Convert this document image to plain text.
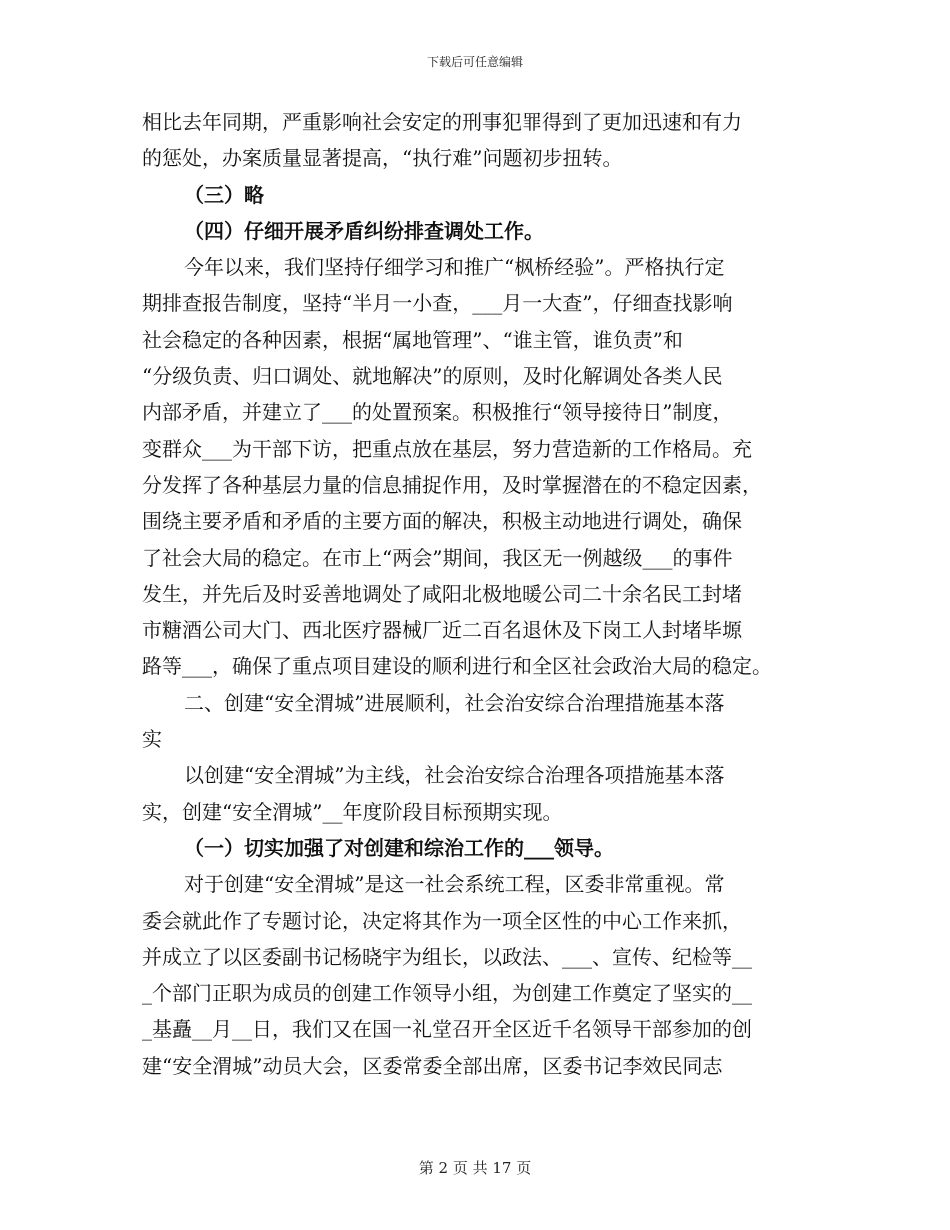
下载后可任意编辑
相比去年同期，严重影响社会安定的刑事犯罪得到了更加迅速和有力
的惩处，办案质量显著提高，“执行难”问题初步扭转。
（三）略
（四）仔细开展矛盾纠纷排查调处工作。
今年以来，我们坚持仔细学习和推广“枫桥经验”。严格执行定
期排查报告制度，坚持“半月一小查，___月一大查”，仔细查找影响
社会稳定的各种因素，根据“属地管理”、“谁主管，谁负责”和
“分级负责、归口调处、就地解决”的原则，及时化解调处各类人民
内部矛盾，并建立了___的处置预案。积极推行“领导接待日”制度，
变群众___为干部下访，把重点放在基层，努力营造新的工作格局。充
分发挥了各种基层力量的信息捕捉作用，及时掌握潜在的不稳定因素，
围绕主要矛盾和矛盾的主要方面的解决，积极主动地进行调处，确保
了社会大局的稳定。在市上“两会”期间，我区无一例越级___的事件
发生，并先后及时妥善地调处了咸阳北极地暖公司二十余名民工封堵
市糖酒公司大门、西北医疗器械厂近二百名退休及下岗工人封堵毕塬
路等___，确保了重点项目建设的顺利进行和全区社会政治大局的稳定。
二、创建“安全渭城”进展顺利，社会治安综合治理措施基本落
实
以创建“安全渭城”为主线，社会治安综合治理各项措施基本落
实，创建“安全渭城”__年度阶段目标预期实现。
（一）切实加强了对创建和综治工作的___领导。
对于创建“安全渭城”是这一社会系统工程，区委非常重视。常
委会就此作了专题讨论，决定将其作为一项全区性的中心工作来抓，
并成立了以区委副书记杨晓宇为组长，以政法、___、宣传、纪检等__
_个部门正职为成员的创建工作领导小组，为创建工作奠定了坚实的__
_基矗__月__日，我们又在国一礼堂召开全区近千名领导干部参加的创
建“安全渭城”动员大会，区委常委全部出席，区委书记李效民同志
第 2 页 共 17 页
